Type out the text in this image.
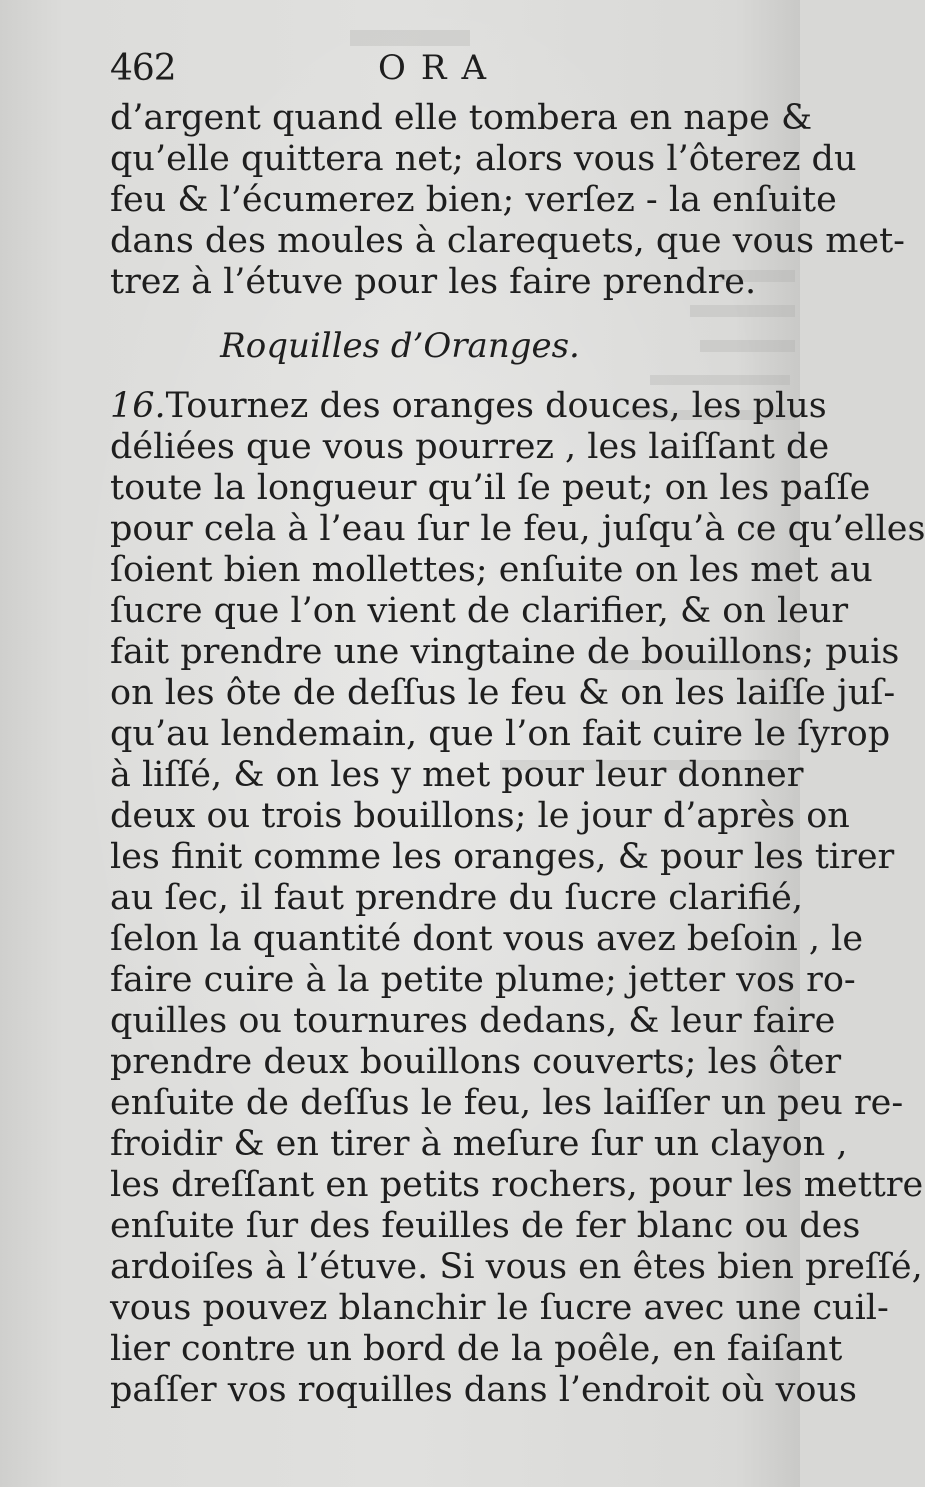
462	ORA
d’argent quand elle tombera en nape &
qu’elle quittera net; alors vous l’ôterez du
feu & l’écumerez bien; verſez - la enſuite
dans des moules à clarequets, que vous met-
trez à l’étuve pour les faire prendre.
Roquilles d’Oranges.
16.Tournez des oranges douces, les plus
déliées que vous pourrez , les laiſſant de
toute la longueur qu’il ſe peut; on les paſſe
pour cela à l’eau ſur le feu, juſqu’à ce qu’elles
ſoient bien mollettes; enſuite on les met au
ſucre que l’on vient de clarifier, & on leur
fait prendre une vingtaine de bouillons; puis
on les ôte de deſſus le feu & on les laiſſe juſ-
qu’au lendemain, que l’on fait cuire le ſyrop
à liſſé, & on les y met pour leur donner
deux ou trois bouillons; le jour d’après on
les finit comme les oranges, & pour les tirer
au ſec, il faut prendre du ſucre clarifié,
ſelon la quantité dont vous avez beſoin , le
faire cuire à la petite plume; jetter vos ro-
quilles ou tournures dedans, & leur faire
prendre deux bouillons couverts; les ôter
enſuite de deſſus le feu, les laiſſer un peu re-
froidir & en tirer à meſure ſur un clayon ,
les dreſſant en petits rochers, pour les mettre
enſuite ſur des feuilles de fer blanc ou des
ardoiſes à l’étuve. Si vous en êtes bien preſſé,
vous pouvez blanchir le ſucre avec une cuil-
lier contre un bord de la poêle, en faiſant
paſſer vos roquilles dans l’endroit où vous
